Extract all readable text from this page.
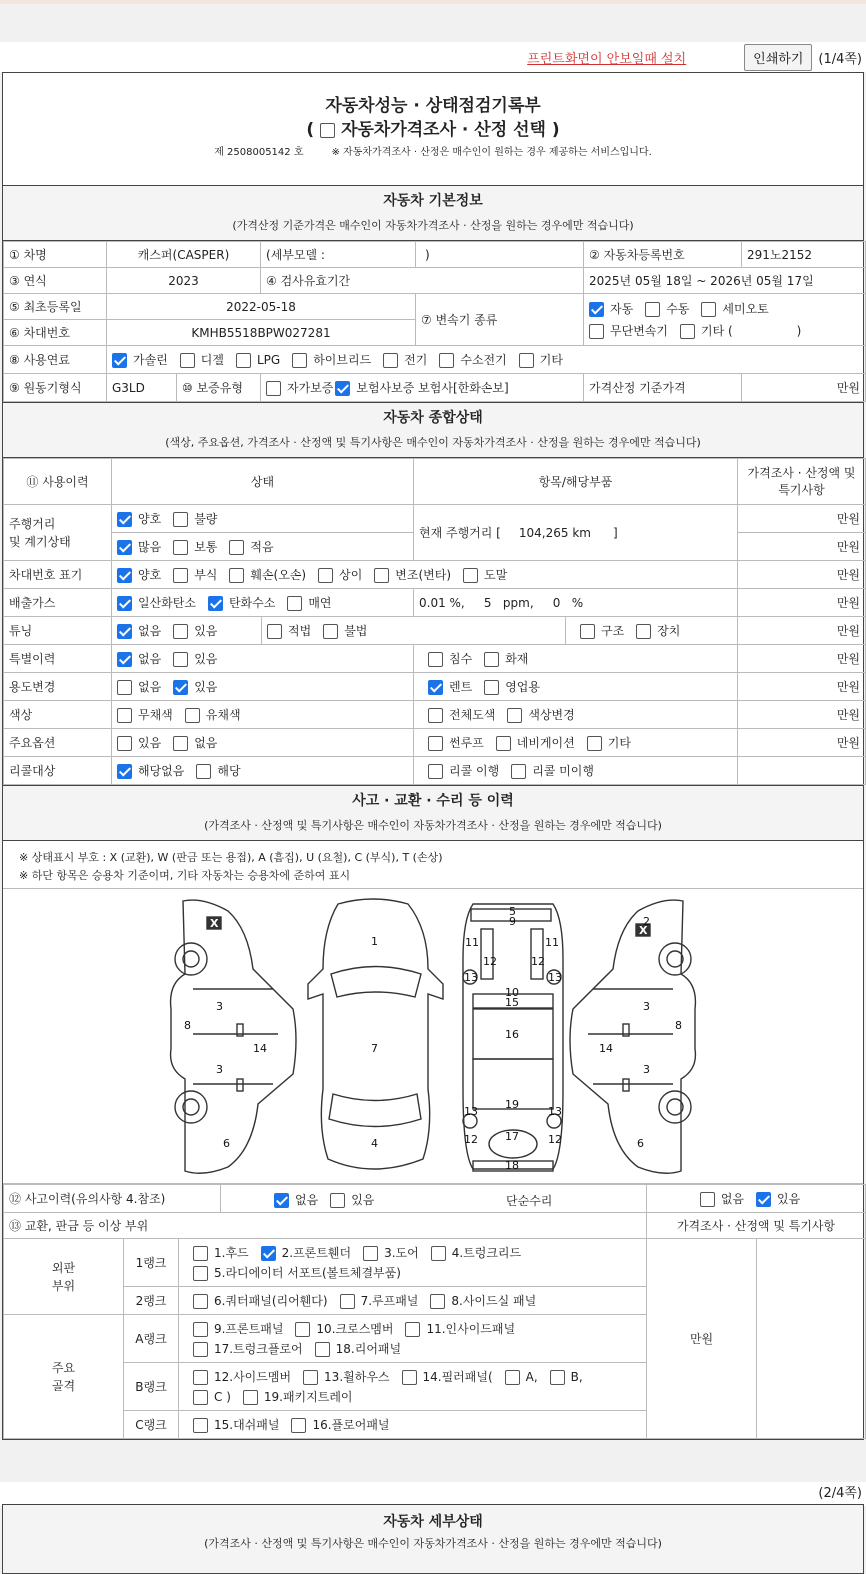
프린트화면이 안보일때 설치	인쇄하기	(1/4쪽)
자동차성능 · 상태점검기록부
( 자동차가격조사 · 산정 선택 )
제 2508005142 호	※ 자동차가격조사 · 산정은 매수인이 원하는 경우 제공하는 서비스입니다.
자동차 기본정보
(가격산정 기준가격은 매수인이 자동차가격조사 · 산정을 원하는 경우에만 적습니다)
① 차명	캐스퍼(CASPER)		(세부모델 : )		② 자동차등록번호	291노2152
③ 연식	2023		④ 검사유효기간		2025년 05월 18일 ~ 2026년 05월 17일	
⑤ 최초등록일	2022-05-18			⑦ 변속기 종류	자동 수동 세미오토
무단변속기 기타 ( )	
⑥ 차대번호	KMHB5518BPW027281					
⑧ 사용연료	가솔린 디젤 LPG 하이브리드 전기 수소전기 기타					
⑨ 원동기형식	G3LD	⑩ 보증유형	자가보증 보험사보증 보험사[한화손보]		가격산정 기준가격	만원
자동차 종합상태
(색상, 주요옵션, 가격조사 · 산정액 및 특기사항은 매수인이 자동차가격조사 · 산정을 원하는 경우에만 적습니다)
⑪ 사용이력	상태		항목/해당부품		가격조사 · 산정액 및
특기사항
주행거리
및 계기상태	양호 불량		현재 주행거리 [ 104,265 km ]		만원
	많음 보통 적음				만원
차대번호 표기	양호 부식 훼손(오손) 상이 변조(변타) 도말				만원
배출가스	일산화탄소 탄화수소 매연		0.01 %,     5   ppm,     0   %		만원
튜닝	없음 있음	적법 불법		구조 장치	만원
특별이력	없음 있음		침수 화재		만원
용도변경	없음 있음		렌트 영업용		만원
색상	무채색 유채색		전체도색 색상변경		만원
주요옵션	있음 없음		썬루프 네비게이션 기타		만원
리콜대상	해당없음 해당		리콜 이행 리콜 미이행		
사고 · 교환 · 수리 등 이력
(가격조사 · 산정액 및 특기사항은 매수인이 자동차가격조사 · 산정을 원하는 경우에만 적습니다)
※ 상태표시 부호 : X (교환), W (판금 또는 용접), A (흠집), U (요철), C (부식), T (손상)
※ 하단 항목은 승용차 기준이며, 기타 자동차는 승용차에 준하여 표시
3
3
8
14
6
X
1
7
4
5
9
11	11
12	12
13	13
10
15
16
19
17
18
13	13
12	12
3
3
8
14
6
2
X
⑫ 사고이력(유의사항 4.참조)			없음 있음 단순수리	없음 있음	
⑬ 교환, 판금 등 이상 부위				가격조사 · 산정액 및 특기사항	
외판
부위	1랭크	1.후드 2.프론트휀더 3.도어 4.트렁크리드
5.라디에이터 서포트(볼트체결부품)		만원	
	2랭크	6.쿼터패널(리어휀다) 7.루프패널 8.사이드실 패널			
주요
골격	A랭크	9.프론트패널 10.크로스멤버 11.인사이드패널
17.트렁크플로어 18.리어패널			
	B랭크	12.사이드멤버 13.휠하우스 14.필러패널( A, B,
C ) 19.패키지트레이			
	C랭크	15.대쉬패널 16.플로어패널			
(2/4쪽)
자동차 세부상태
(가격조사 · 산정액 및 특기사항은 매수인이 자동차가격조사 · 산정을 원하는 경우에만 적습니다)
